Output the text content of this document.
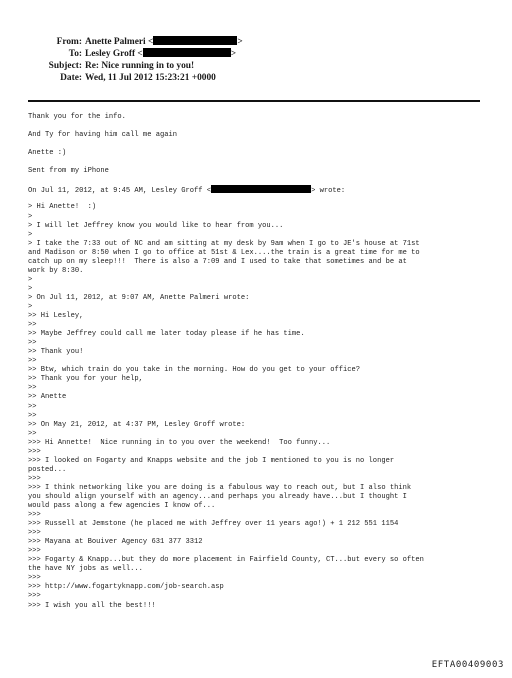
From: Anette Palmeri <	>
To: Lesley Groff <	>
Subject: Re: Nice running in to you!
Date: Wed, 11 Jul 2012 15:23:21 +0000
Thank you for the info.
And Ty for having him call me again
Anette :)
Sent from my iPhone
On Jul 11, 2012, at 9:45 AM, Lesley Groff <	> wrote:
> Hi Anette!  :)
>
> I will let Jeffrey know you would like to hear from you...
>
> I take the 7:33 out of NC and am sitting at my desk by 9am when I go to JE's house at 71st
and Madison or 8:50 when I go to office at 51st & Lex....the train is a great time for me to
catch up on my sleep!!!  There is also a 7:09 and I used to take that sometimes and be at
work by 8:30.
>
>
> On Jul 11, 2012, at 9:07 AM, Anette Palmeri wrote:
>
>> Hi Lesley,
>>
>> Maybe Jeffrey could call me later today please if he has time.
>>
>> Thank you!
>>
>> Btw, which train do you take in the morning. How do you get to your office?
>> Thank you for your help,
>>
>> Anette
>>
>>
>> On May 21, 2012, at 4:37 PM, Lesley Groff wrote:
>>
>>> Hi Annette!  Nice running in to you over the weekend!  Too funny...
>>>
>>> I looked on Fogarty and Knapps website and the job I mentioned to you is no longer
posted...
>>>
>>> I think networking like you are doing is a fabulous way to reach out, but I also think
you should align yourself with an agency...and perhaps you already have...but I thought I
would pass along a few agencies I know of...
>>>
>>> Russell at Jemstone (he placed me with Jeffrey over 11 years ago!) + 1 212 551 1154
>>>
>>> Mayana at Bouiver Agency 631 377 3312
>>>
>>> Fogarty & Knapp...but they do more placement in Fairfield County, CT...but every so often
the have NY jobs as well...
>>>
>>> http://www.fogartyknapp.com/job-search.asp
>>>
>>> I wish you all the best!!!
EFTA00409003
